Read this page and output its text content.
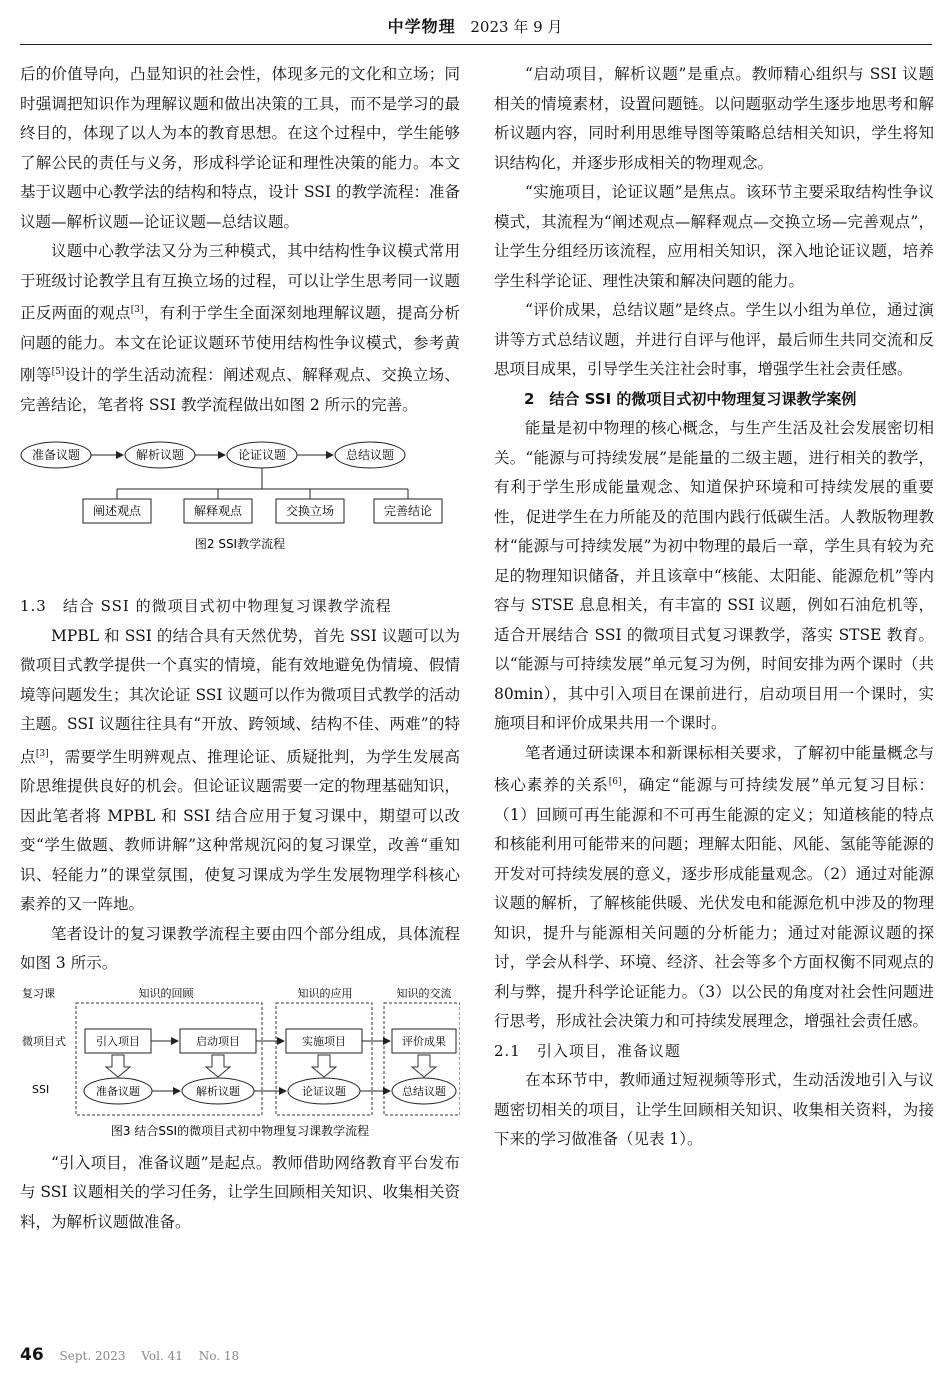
中学物理 2023 年 9 月

后的价值导向，凸显知识的社会性，体现多元的文化和立场；同时强调把知识作为理解议题和做出决策的工具，而不是学习的最终目的，体现了以人为本的教育思想。在这个过程中，学生能够了解公民的责任与义务，形成科学论证和理性决策的能力。本文基于议题中心教学法的结构和特点，设计 SSI 的教学流程：准备议题—解析议题—论证议题—总结议题。

议题中心教学法又分为三种模式，其中结构性争议模式常用于班级讨论教学且有互换立场的过程，可以让学生思考同一议题正反两面的观点[3]，有利于学生全面深刻地理解议题，提高分析问题的能力。本文在论证议题环节使用结构性争议模式，参考黄刚等[5]设计的学生活动流程：阐述观点、解释观点、交换立场、完善结论，笔者将 SSI 教学流程做出如图 2 所示的完善。

准备议题	解析议题	论证议题	总结议题
阐述观点	解释观点	交换立场	完善结论
图2 SSI教学流程

1.3　结合 SSI 的微项目式初中物理复习课教学流程

MPBL 和 SSI 的结合具有天然优势，首先 SSI 议题可以为微项目式教学提供一个真实的情境，能有效地避免伪情境、假情境等问题发生；其次论证 SSI 议题可以作为微项目式教学的活动主题。SSI 议题往往具有“开放、跨领域、结构不佳、两难”的特点[3]，需要学生明辨观点、推理论证、质疑批判，为学生发展高阶思维提供良好的机会。但论证议题需要一定的物理基础知识，因此笔者将 MPBL 和 SSI 结合应用于复习课中，期望可以改变“学生做题、教师讲解”这种常规沉闷的复习课堂，改善“重知识、轻能力”的课堂氛围，使复习课成为学生发展物理学科核心素养的又一阵地。

笔者设计的复习课教学流程主要由四个部分组成，具体流程如图 3 所示。

复习课	知识的回顾	知识的应用	知识的交流
微项目式
SSI
引入项目	启动项目	实施项目	评价成果
准备议题	解析议题	论证议题	总结议题
图3 结合SSI的微项目式初中物理复习课教学流程

“引入项目，准备议题”是起点。教师借助网络教育平台发布与 SSI 议题相关的学习任务，让学生回顾相关知识、收集相关资料，为解析议题做准备。

“启动项目，解析议题”是重点。教师精心组织与 SSI 议题相关的情境素材，设置问题链。以问题驱动学生逐步地思考和解析议题内容，同时利用思维导图等策略总结相关知识，学生将知识结构化，并逐步形成相关的物理观念。

“实施项目，论证议题”是焦点。该环节主要采取结构性争议模式，其流程为“阐述观点—解释观点—交换立场—完善观点”，让学生分组经历该流程，应用相关知识，深入地论证议题，培养学生科学论证、理性决策和解决问题的能力。

“评价成果，总结议题”是终点。学生以小组为单位，通过演讲等方式总结议题，并进行自评与他评，最后师生共同交流和反思项目成果，引导学生关注社会时事，增强学生社会责任感。

2　结合 SSI 的微项目式初中物理复习课教学案例

能量是初中物理的核心概念，与生产生活及社会发展密切相关。“能源与可持续发展”是能量的二级主题，进行相关的教学，有利于学生形成能量观念、知道保护环境和可持续发展的重要性，促进学生在力所能及的范围内践行低碳生活。人教版物理教材“能源与可持续发展”为初中物理的最后一章，学生具有较为充足的物理知识储备，并且该章中“核能、太阳能、能源危机”等内容与 STSE 息息相关，有丰富的 SSI 议题，例如石油危机等，适合开展结合 SSI 的微项目式复习课教学，落实 STSE 教育。以“能源与可持续发展”单元复习为例，时间安排为两个课时（共 80min），其中引入项目在课前进行，启动项目用一个课时，实施项目和评价成果共用一个课时。

笔者通过研读课本和新课标相关要求，了解初中能量概念与核心素养的关系[6]，确定“能源与可持续发展”单元复习目标：（1）回顾可再生能源和不可再生能源的定义；知道核能的特点和核能利用可能带来的问题；理解太阳能、风能、氢能等能源的开发对可持续发展的意义，逐步形成能量观念。（2）通过对能源议题的解析，了解核能供暖、光伏发电和能源危机中涉及的物理知识，提升与能源相关问题的分析能力；通过对能源议题的探讨，学会从科学、环境、经济、社会等多个方面权衡不同观点的利与弊，提升科学论证能力。（3）以公民的角度对社会性问题进行思考，形成社会决策力和可持续发展理念，增强社会责任感。

2.1　引入项目，准备议题

在本环节中，教师通过短视频等形式，生动活泼地引入与议题密切相关的项目，让学生回顾相关知识、收集相关资料，为接下来的学习做准备（见表 1）。

46 Sept. 2023 Vol. 41 No. 18
